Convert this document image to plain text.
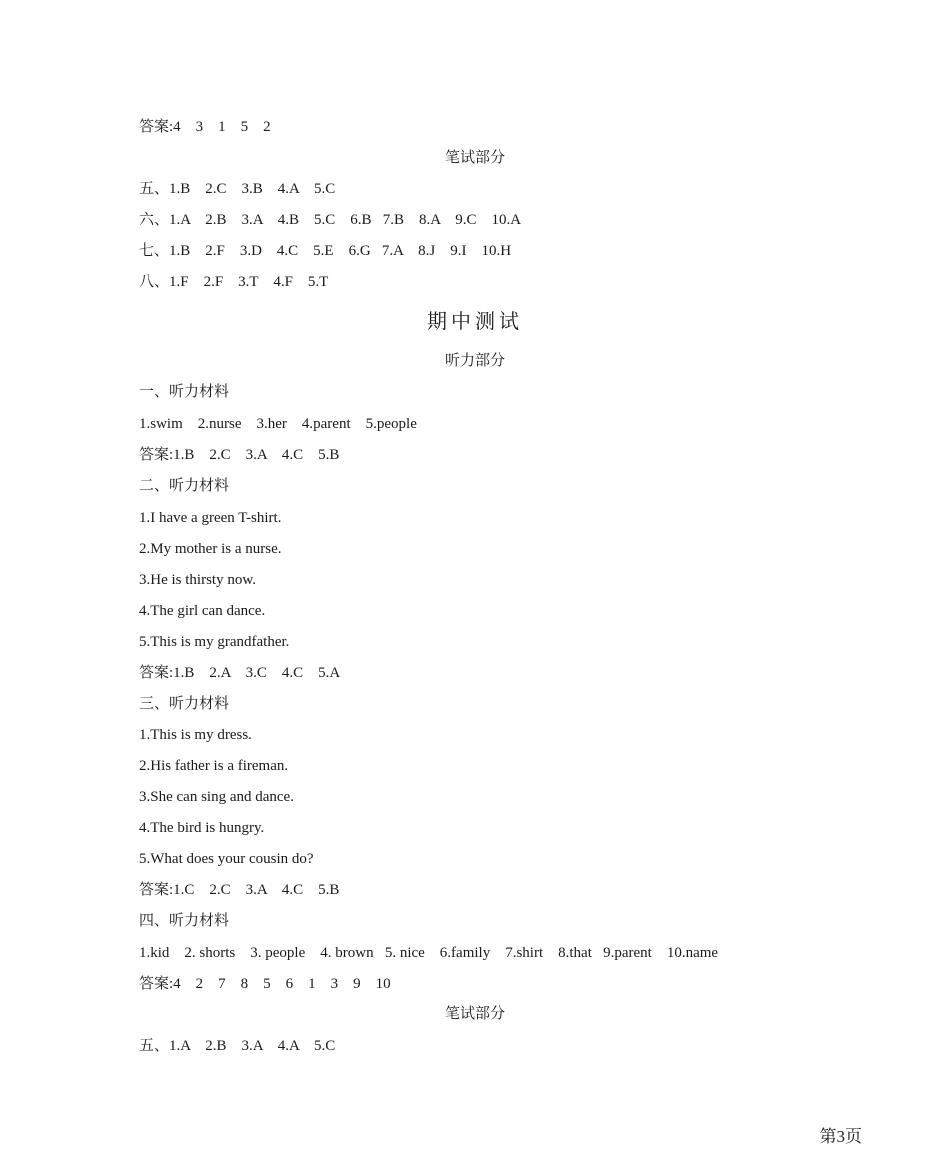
答案:4    3    1    5    2
笔试部分
五、1.B    2.C    3.B    4.A    5.C
六、1.A    2.B    3.A    4.B    5.C    6.B   7.B    8.A    9.C    10.A
七、1.B    2.F    3.D    4.C    5.E    6.G   7.A    8.J    9.I    10.H
八、1.F    2.F    3.T    4.F    5.T
期中测试
听力部分
一、听力材料
1.swim    2.nurse    3.her    4.parent    5.people
答案:1.B    2.C    3.A    4.C    5.B
二、听力材料
1.I have a green T-shirt.
2.My mother is a nurse.
3.He is thirsty now.
4.The girl can dance.
5.This is my grandfather.
答案:1.B    2.A    3.C    4.C    5.A
三、听力材料
1.This is my dress.
2.His father is a fireman.
3.She can sing and dance.
4.The bird is hungry.
5.What does your cousin do?
答案:1.C    2.C    3.A    4.C    5.B
四、听力材料
1.kid    2. shorts    3. people    4. brown   5. nice    6.family    7.shirt    8.that   9.parent    10.name
答案:4    2    7    8    5    6    1    3    9    10
笔试部分
五、1.A    2.B    3.A    4.A    5.C
第3页
